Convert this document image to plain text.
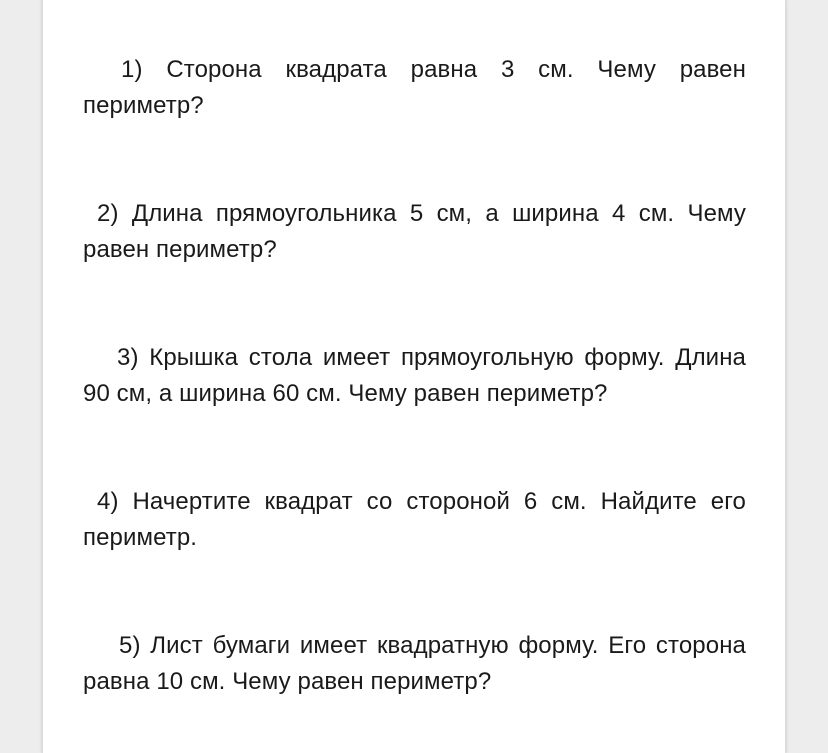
1) Сторона квадрата равна 3 см. Чему равен периметр?

2) Длина прямоугольника 5 см, а ширина 4 см. Чему равен периметр?

3) Крышка стола имеет прямоугольную форму. Длина 90 см, а ширина 60 см. Чему равен периметр?

4) Начертите квадрат со стороной 6 см. Найдите его периметр.

5) Лист бумаги имеет квадратную форму. Его сторона равна 10 см. Чему равен периметр?
